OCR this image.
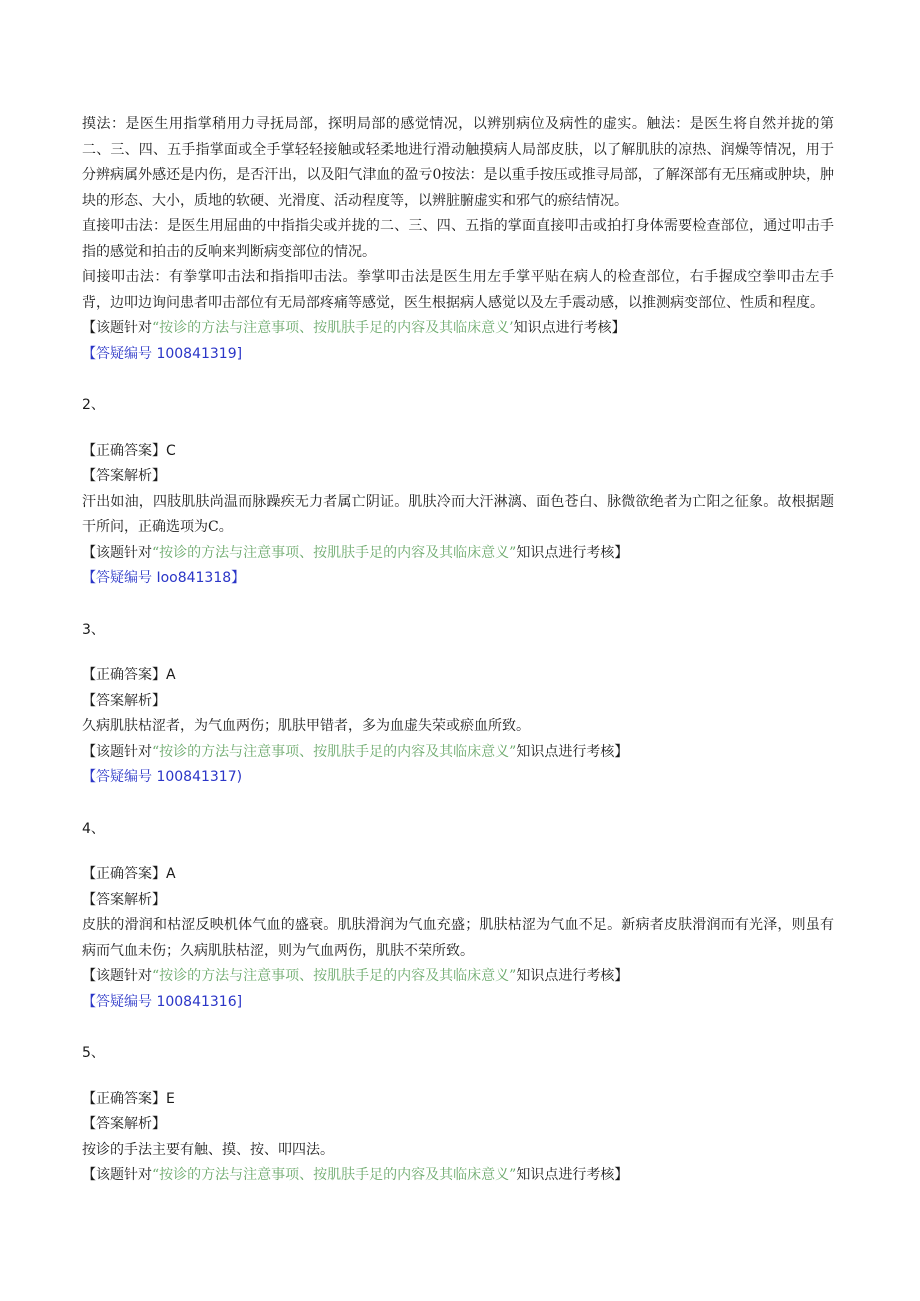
摸法：是医生用指掌稍用力寻抚局部，探明局部的感觉情况，以辨别病位及病性的虚实。触法：是医生将自然并拢的第二、三、四、五手指掌面或全手掌轻轻接触或轻柔地进行滑动触摸病人局部皮肤，以了解肌肤的凉热、润燥等情况，用于分辨病属外感还是内伤，是否汗出，以及阳气津血的盈亏0按法：是以重手按压或推寻局部，了解深部有无压痛或肿块，肿块的形态、大小，质地的软硬、光滑度、活动程度等，以辨脏腑虚实和邪气的瘀结情况。

直接叩击法：是医生用屈曲的中指指尖或并拢的二、三、四、五指的掌面直接叩击或拍打身体需要检查部位，通过叩击手指的感觉和拍击的反响来判断病变部位的情况。

间接叩击法：有拳掌叩击法和指指叩击法。拳掌叩击法是医生用左手掌平贴在病人的检查部位，右手握成空拳叩击左手背，边叩边询问患者叩击部位有无局部疼痛等感觉，医生根据病人感觉以及左手震动感，以推测病变部位、性质和程度。

【该题针对“按诊的方法与注意事项、按肌肤手足的内容及其临床意义’知识点进行考核】

【答疑编号 100841319]

2、

【正确答案】C

【答案解析】

汗出如油，四肢肌肤尚温而脉躁疾无力者属亡阴证。肌肤冷而大汗淋漓、面色苍白、脉微欲绝者为亡阳之征象。故根据题干所问，正确选项为C。

【该题针对“按诊的方法与注意事项、按肌肤手足的内容及其临床意义”知识点进行考核】

【答疑编号 Ioo841318】

3、

【正确答案】A

【答案解析】

久病肌肤枯涩者，为气血两伤；肌肤甲错者，多为血虚失荣或瘀血所致。

【该题针对“按诊的方法与注意事项、按肌肤手足的内容及其临床意义”知识点进行考核】

【答疑编号 100841317)

4、

【正确答案】A

【答案解析】

皮肤的滑润和枯涩反映机体气血的盛衰。肌肤滑润为气血充盛；肌肤枯涩为气血不足。新病者皮肤滑润而有光泽，则虽有病而气血未伤；久病肌肤枯涩，则为气血两伤，肌肤不荣所致。

【该题针对“按诊的方法与注意事项、按肌肤手足的内容及其临床意义”知识点进行考核】

【答疑编号 100841316]

5、

【正确答案】E

【答案解析】

按诊的手法主要有触、摸、按、叩四法。

【该题针对“按诊的方法与注意事项、按肌肤手足的内容及其临床意义”知识点进行考核】
